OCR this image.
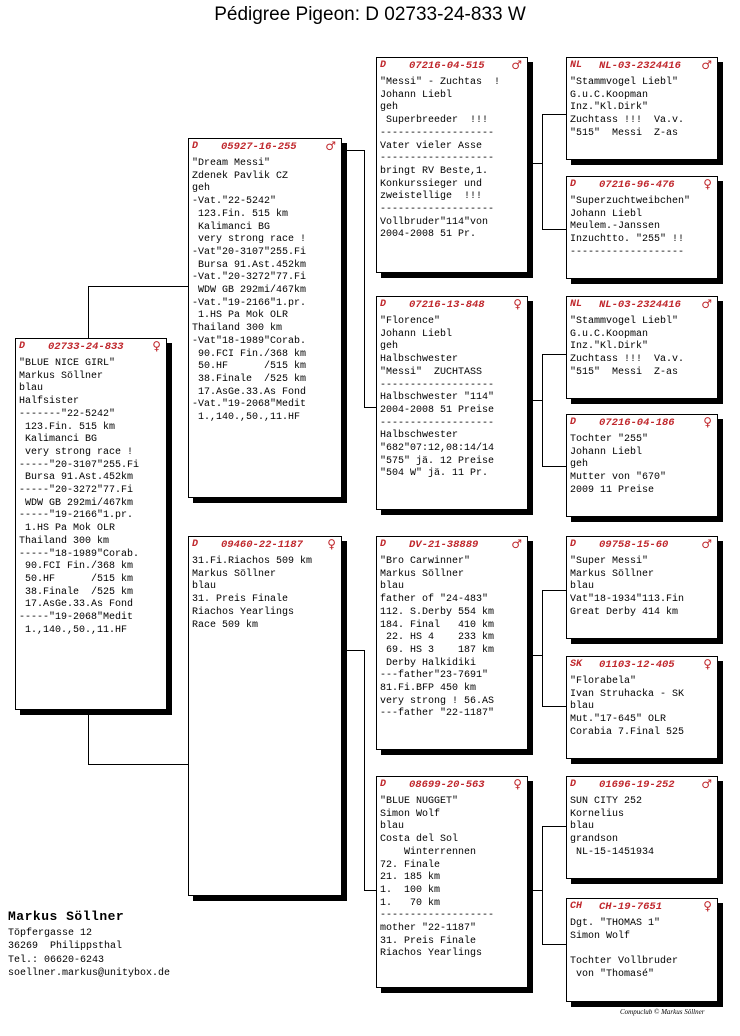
Pédigree Pigeon: D 02733-24-833 W
D 02733-24-833 ♀
"BLUE NICE GIRL"
Markus Söllner
blau
Halfsister
-------"22-5242"
123.Fin. 515 km
Kalimanci BG
very strong race !
-----"20-3107"255.Fi
Bursa 91.Ast.452km
-----"20-3272"77.Fi
WDW GB 292mi/467km
-----"19-2166"1.pr.
1.HS Pa Mok OLR
Thailand 300 km
-----"18-1989"Corab.
90.FCI Fin./368 km
50.HF      /515 km
38.Finale  /525 km
17.AsGe.33.As Fond
-----"19-2068"Medit
1.,140.,50.,11.HF
D 05927-16-255 ♂
"Dream Messi"
Zdenek Pavlik CZ
geh
-Vat."22-5242"
123.Fin. 515 km
Kalimanci BG
very strong race !
-Vat"20-3107"255.Fi
Bursa 91.Ast.452km
-Vat."20-3272"77.Fi
WDW GB 292mi/467km
-Vat."19-2166"1.pr.
1.HS Pa Mok OLR
Thailand 300 km
-Vat"18-1989"Corab.
90.FCI Fin./368 km
50.HF      /515 km
38.Finale  /525 km
17.AsGe.33.As Fond
-Vat."19-2068"Medit
1.,140.,50.,11.HF
D 09460-22-1187 ♀
31.Fi.Riachos 509 km
Markus Söllner
blau
31. Preis Finale
Riachos Yearlings
Race 509 km
D 07216-04-515 ♂
"Messi" - Zuchtas  !
Johann Liebl
geh
Superbreeder  !!!
-------------------
Vater vieler Asse
-------------------
bringt RV Beste,1.
Konkurssieger und
zweistellige  !!!
-------------------
Vollbruder"114"von
2004-2008 51 Pr.
D 07216-13-848 ♀
"Florence"
Johann Liebl
geh
Halbschwester
"Messi"  ZUCHTASS
-------------------
Halbschwester "114"
2004-2008 51 Preise
-------------------
Halbschwester
"682"07:12,08:14/14
"575" jä. 12 Preise
"504 W" jä. 11 Pr.
D DV-21-38889	♂
"Bro Carwinner"
Markus Söllner
blau
father of "24-483"
112. S.Derby 554 km
184. Final   410 km
22. HS 4    233 km
69. HS 3    187 km
Derby Halkidiki
---father"23-7691"
81.Fi.BFP 450 km
very strong ! 56.AS
---father "22-1187"
D 08699-20-563 ♀
"BLUE NUGGET"
Simon Wolf
blau
Costa del Sol
Winterrennen
72. Finale
21. 185 km
1.  100 km
1.   70 km
-------------------
mother "22-1187"
31. Preis Finale
Riachos Yearlings
NL NL-03-2324416 ♂
"Stammvogel Liebl"
G.u.C.Koopman
Inz."Kl.Dirk"
Zuchtass !!!  Va.v.
"515"  Messi  Z-as
D 07216-96-476 ♀
"Superzuchtweibchen"
Johann Liebl
Meulem.-Janssen
Inzuchtto. "255" !!
-------------------
NL NL-03-2324416 ♂
"Stammvogel Liebl"
G.u.C.Koopman
Inz."Kl.Dirk"
Zuchtass !!!  Va.v.
"515"  Messi  Z-as
D 07216-04-186 ♀
Tochter "255"
Johann Liebl
geh
Mutter von "670"
2009 11 Preise
D 09758-15-60	♂
"Super Messi"
Markus Söllner
blau
Vat"18-1934"113.Fin
Great Derby 414 km
SK 01103-12-405 ♀
"Florabela"
Ivan Struhacka - SK
blau
Mut."17-645" OLR
Corabia 7.Final 525
D 01696-19-252 ♂
SUN CITY 252
Kornelius
blau
grandson
NL-15-1451934
CH CH-19-7651	♀
Dgt. "THOMAS 1"
Simon Wolf
Tochter Vollbruder
von "Thomasé"
Markus Söllner
Töpfergasse 12
36269  Philippsthal
Tel.: 06620-6243
soellner.markus@unitybox.de
Compuclub © Markus Söllner
